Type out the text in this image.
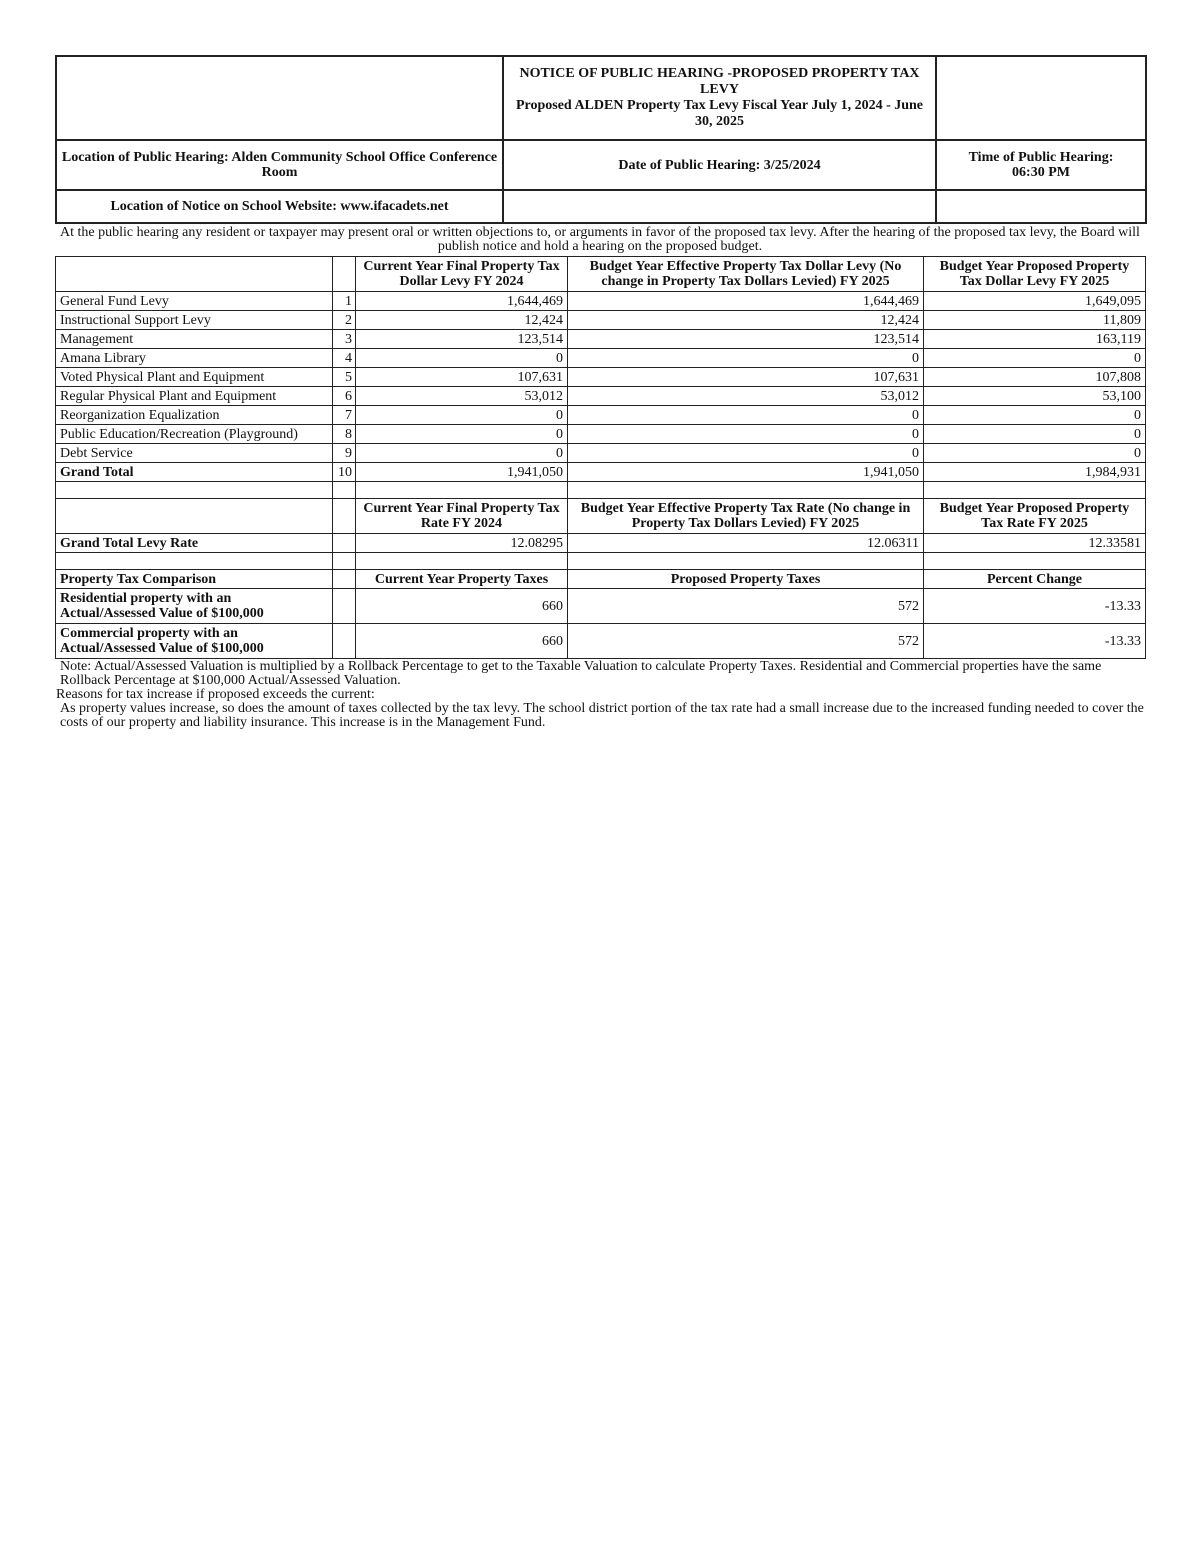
	NOTICE OF PUBLIC HEARING -PROPOSED PROPERTY TAX LEVY
Proposed ALDEN Property Tax Levy Fiscal Year July 1, 2024 - June 30, 2025	

Location of Public Hearing: Alden Community School Office Conference Room	Date of Public Hearing: 3/25/2024	Time of Public Hearing:
06:30 PM

Location of Notice on School Website: www.ifacadets.net		
At the public hearing any resident or taxpayer may present oral or written objections to, or arguments in favor of the proposed tax levy. After the hearing of the proposed tax levy, the Board will publish notice and hold a hearing on the proposed budget.
		Current Year Final Property Tax Dollar Levy FY 2024	Budget Year Effective Property Tax Dollar Levy (No change in Property Tax Dollars Levied) FY 2025	Budget Year Proposed Property Tax Dollar Levy FY 2025
General Fund Levy	1	1,644,469	1,644,469	1,649,095
Instructional Support Levy	2	12,424	12,424	11,809
Management	3	123,514	123,514	163,119
Amana Library	4	0	0	0
Voted Physical Plant and Equipment	5	107,631	107,631	107,808
Regular Physical Plant and Equipment	6	53,012	53,012	53,100
Reorganization Equalization	7	0	0	0
Public Education/Recreation (Playground)	8	0	0	0
Debt Service	9	0	0	0
Grand Total	10	1,941,050	1,941,050	1,984,931

		Current Year Final Property Tax Rate FY 2024	Budget Year Effective Property Tax Rate (No change in Property Tax Dollars Levied) FY 2025	Budget Year Proposed Property Tax Rate FY 2025
Grand Total Levy Rate		12.08295	12.06311	12.33581

Property Tax Comparison		Current Year Property Taxes	Proposed Property Taxes	Percent Change
Residential property with an Actual/Assessed Value of $100,000		660	572	-13.33
Commercial property with an Actual/Assessed Value of $100,000		660	572	-13.33

Note: Actual/Assessed Valuation is multiplied by a Rollback Percentage to get to the Taxable Valuation to calculate Property Taxes. Residential and Commercial properties have the same Rollback Percentage at $100,000 Actual/Assessed Valuation.

Reasons for tax increase if proposed exceeds the current:

As property values increase, so does the amount of taxes collected by the tax levy. The school district portion of the tax rate had a small increase due to the increased funding needed to cover the costs of our property and liability insurance. This increase is in the Management Fund.
